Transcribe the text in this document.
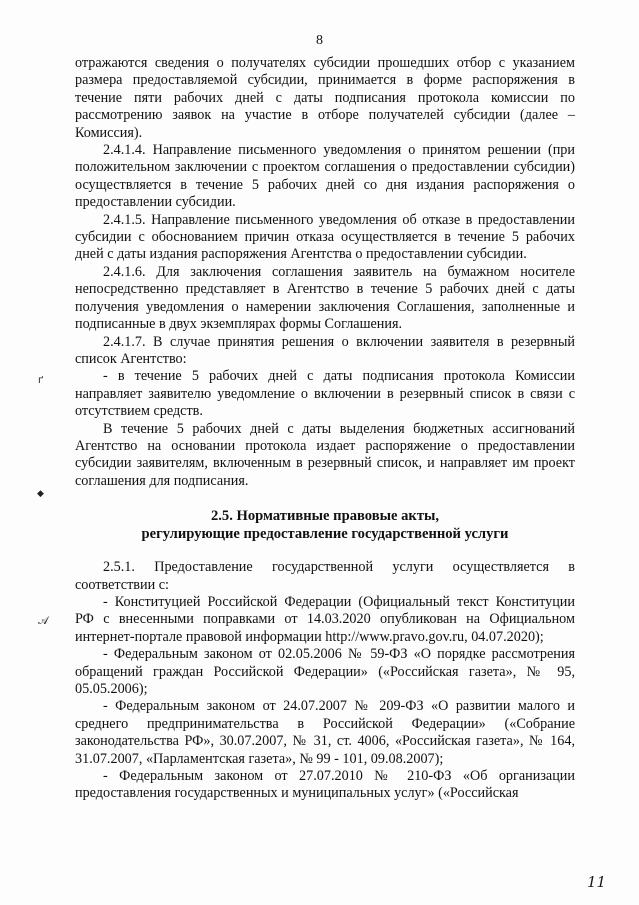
8

отражаются сведения о получателях субсидии прошедших отбор с указанием размера предоставляемой субсидии, принимается в форме распоряжения в течение пяти рабочих дней с даты подписания протокола комиссии по рассмотрению заявок на участие в отборе получателей субсидии (далее – Комиссия).

2.4.1.4. Направление письменного уведомления о принятом решении (при положительном заключении с проектом соглашения о предоставлении субсидии) осуществляется в течение 5 рабочих дней со дня издания распоряжения о предоставлении субсидии.

2.4.1.5. Направление письменного уведомления об отказе в предоставлении субсидии с обоснованием причин отказа осуществляется в течение 5 рабочих дней с даты издания распоряжения Агентства о предоставлении субсидии.

2.4.1.6. Для заключения соглашения заявитель на бумажном носителе непосредственно представляет в Агентство в течение 5 рабочих дней с даты получения уведомления о намерении заключения Соглашения, заполненные и подписанные в двух экземплярах формы Соглашения.

2.4.1.7. В случае принятия решения о включении заявителя в резервный список Агентство:

- в течение 5 рабочих дней с даты подписания протокола Комиссии направляет заявителю уведомление о включении в резервный список в связи с отсутствием средств.

В течение 5 рабочих дней с даты выделения бюджетных ассигнований Агентство на основании протокола издает распоряжение о предоставлении субсидии заявителям, включенным в резервный список, и направляет им проект соглашения для подписания.

2.5. Нормативные правовые акты,
регулирующие предоставление государственной услуги

2.5.1. Предоставление государственной услуги осуществляется в соответствии с:

- Конституцией Российской Федерации (Официальный текст Конституции РФ с внесенными поправками от 14.03.2020 опубликован на Официальном интернет-портале правовой информации http://www.pravo.gov.ru, 04.07.2020);

- Федеральным законом от 02.05.2006 № 59-ФЗ «О порядке рассмотрения обращений граждан Российской Федерации» («Российская газета», № 95, 05.05.2006);

- Федеральным законом от 24.07.2007 № 209-ФЗ «О развитии малого и среднего предпринимательства в Российской Федерации» («Собрание законодательства РФ», 30.07.2007, № 31, ст. 4006, «Российская газета», № 164, 31.07.2007, «Парламентская газета», № 99 - 101, 09.08.2007);

- Федеральным законом от 27.07.2010 № 210-ФЗ «Об организации предоставления государственных и муниципальных услуг» («Российская

ґ
◆
𝒜
11
